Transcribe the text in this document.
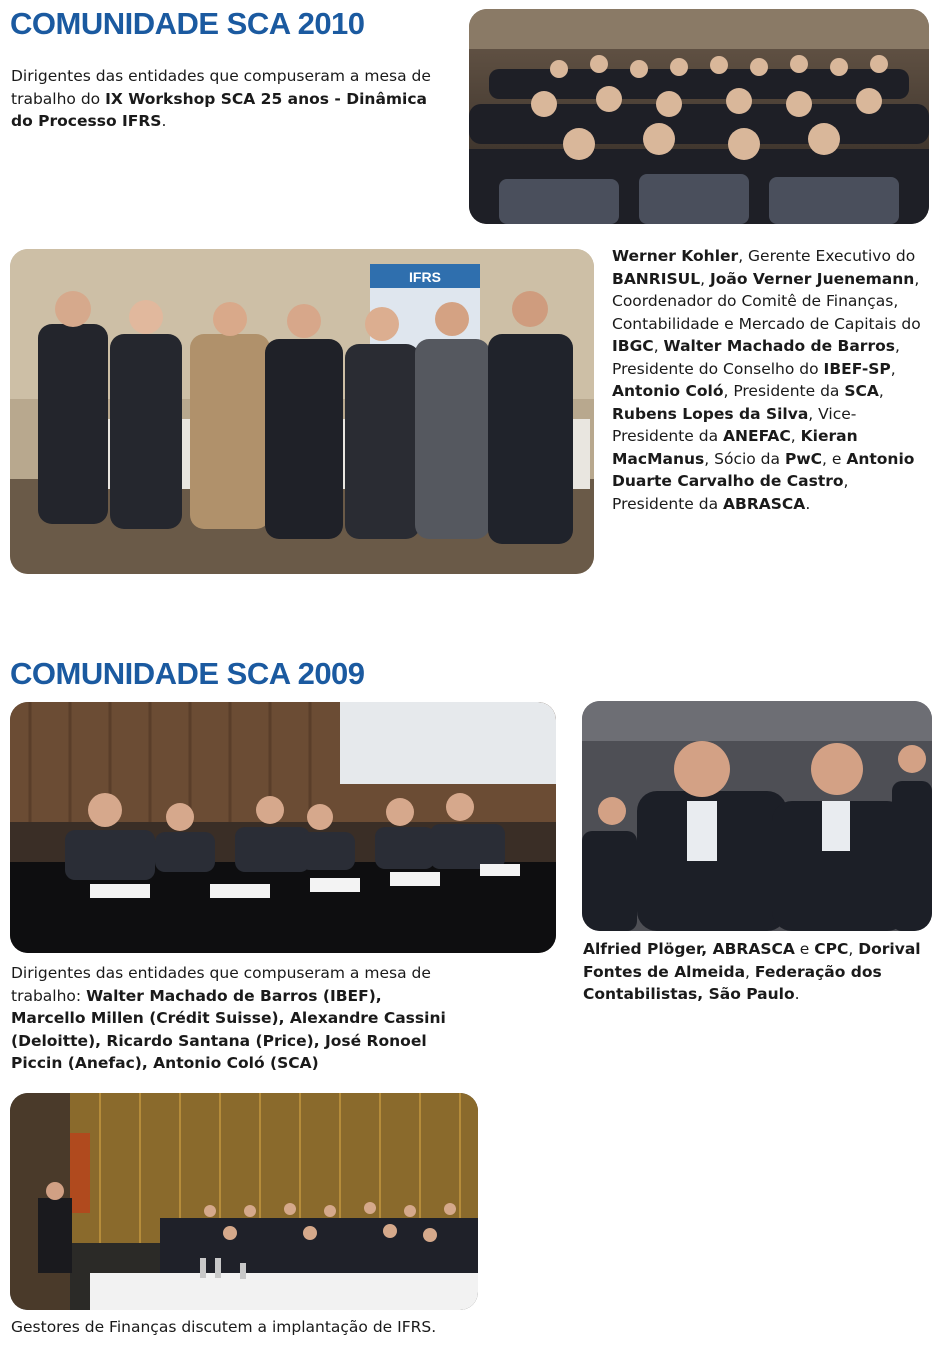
COMUNIDADE SCA 2010

Dirigentes das entidades que compuseram a mesa de trabalho do IX Workshop SCA 25 anos - Dinâmica do Processo IFRS.

IFRS

Werner Kohler, Gerente Executivo do BANRISUL, João Verner Juenemann, Coordenador do Comitê de Finanças, Contabilidade e Mercado de Capitais do IBGC, Walter Machado de Barros, Presidente do Conselho do IBEF-SP, Antonio Coló, Presidente da SCA, Rubens Lopes da Silva, Vice- Presidente da ANEFAC, Kieran MacManus, Sócio da PwC, e Antonio Duarte Carvalho de Castro, Presidente da ABRASCA.

COMUNIDADE SCA 2009

Dirigentes das entidades que compuseram a mesa de trabalho: Walter Machado de Barros (IBEF), Marcello Millen (Crédit Suisse), Alexandre Cassini (Deloitte), Ricardo Santana (Price), José Ronoel Piccin (Anefac), Antonio Coló (SCA)

Alfried Plöger, ABRASCA e CPC, Dorival Fontes de Almeida, Federação dos Contabilistas, São Paulo.

Gestores de Finanças discutem a implantação de IFRS.
